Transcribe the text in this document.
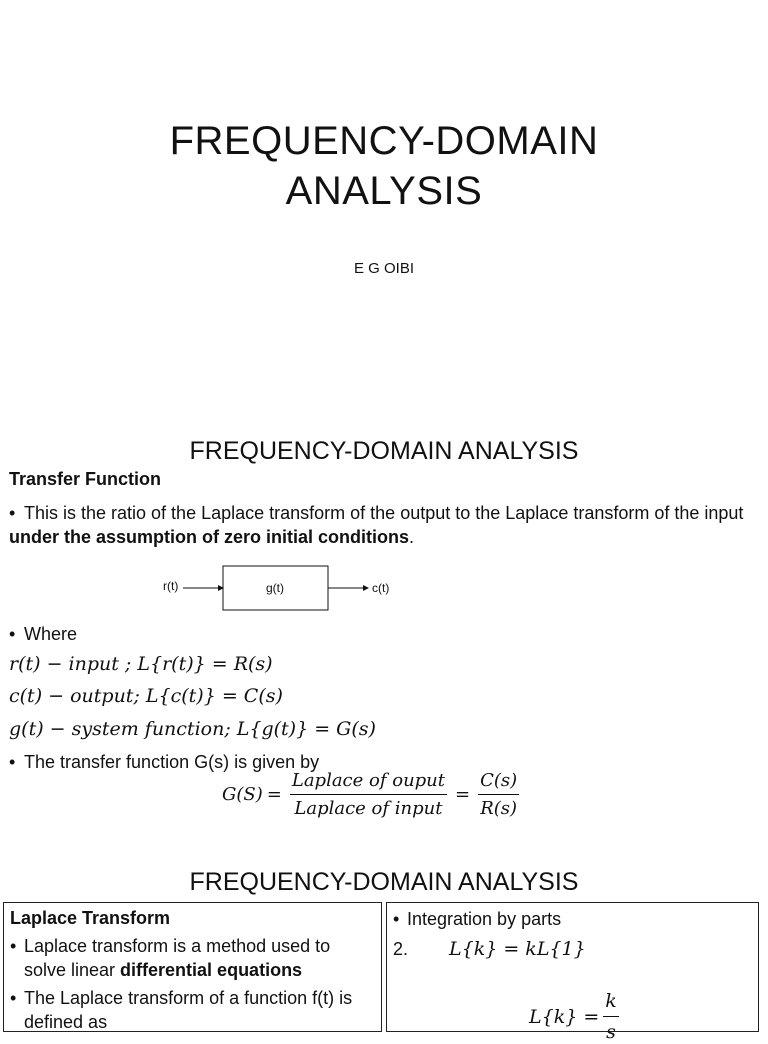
FREQUENCY-DOMAIN
ANALYSIS
E G OIBI
FREQUENCY-DOMAIN ANALYSIS
Transfer Function
• This is the ratio of the Laplace transform of the output to the Laplace transform of the input under the assumption of zero initial conditions.
r(t)	g(t)	c(t)
• Where
r(t) − input ; L{r(t)} = R(s)
c(t) − output; L{c(t)} = C(s)
g(t) − system function; L{g(t)} = G(s)
• The transfer function G(s) is given by
$G(S) = \frac{\text{Laplace of ouput}}{\text{Laplace of input}} = \frac{C(s)}{R(s)}$
FREQUENCY-DOMAIN ANALYSIS
Laplace Transform
• Laplace transform is a method used to solve linear differential equations
• The Laplace transform of a function f(t) is defined as
• Integration by parts
2.	L{k} = kL{1}
$L\{k\} = \frac{k}{s}$
